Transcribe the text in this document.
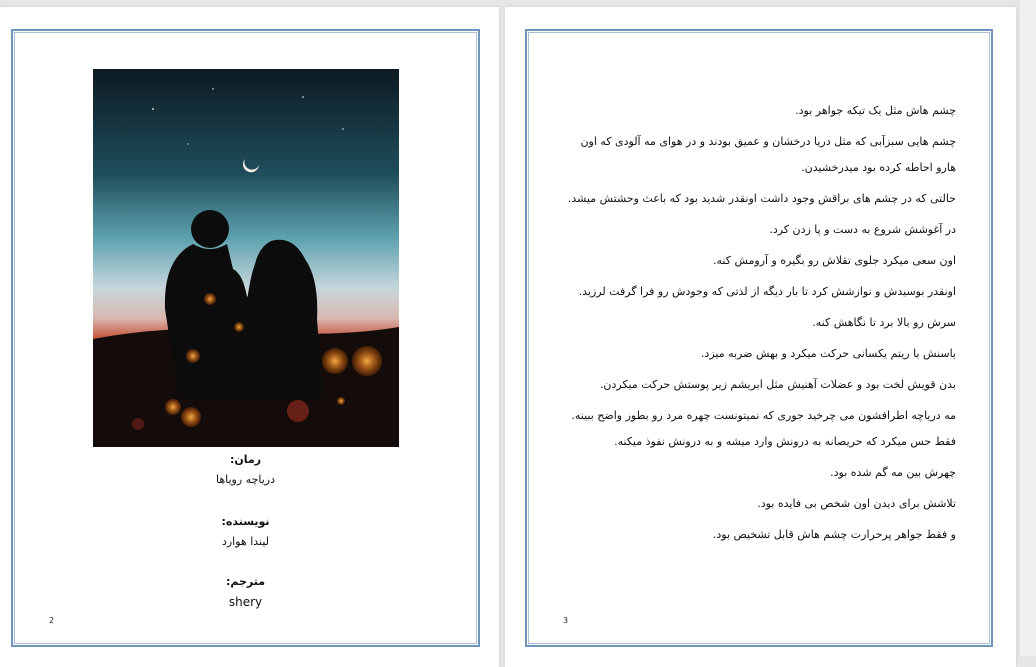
رمان:
دریاچه رویاها
نویسنده:
لیندا هوارد
مترجم:
shery
2

چشم هاش مثل یک تیکه جواهر بود.

چشم هایی سبزآبی که مثل دریا درخشان و عمیق بودند و در هوای مه آلودی که اون هارو احاطه کرده بود میدرخشیدن.

حالتی که در چشم های براقش وجود داشت اونقدر شدید بود که باعث وحشتش میشد.

در آغوشش شروع به دست و پا زدن کرد.

اون سعی میکرد جلوی تقلاش رو بگیره و آرومش کنه.

اونقدر بوسیدش و نوازشش کرد تا بار دیگه از لذتی که وجودش رو فرا گرفت لرزید.

سرش رو بالا برد تا نگاهش کنه.

باسنش با ریتم یکسانی حرکت میکرد و بهش ضربه میزد.

بدن قویش لخت بود و عضلات آهنیش مثل ابریشم زیر پوستش حرکت میکردن.

مه دریاچه اطرافشون می چرخید جوری که نمیتونست چهره مرد رو بطور واضح ببینه. فقط حس میکرد که حریصانه به درونش وارد میشه و به درونش نفوذ میکنه.

چهرش بین مه گم شده بود.

تلاشش برای دیدن اون شخص بی فایده بود.

و فقط جواهر پرحرارت چشم هاش قابل تشخیص بود.

3
